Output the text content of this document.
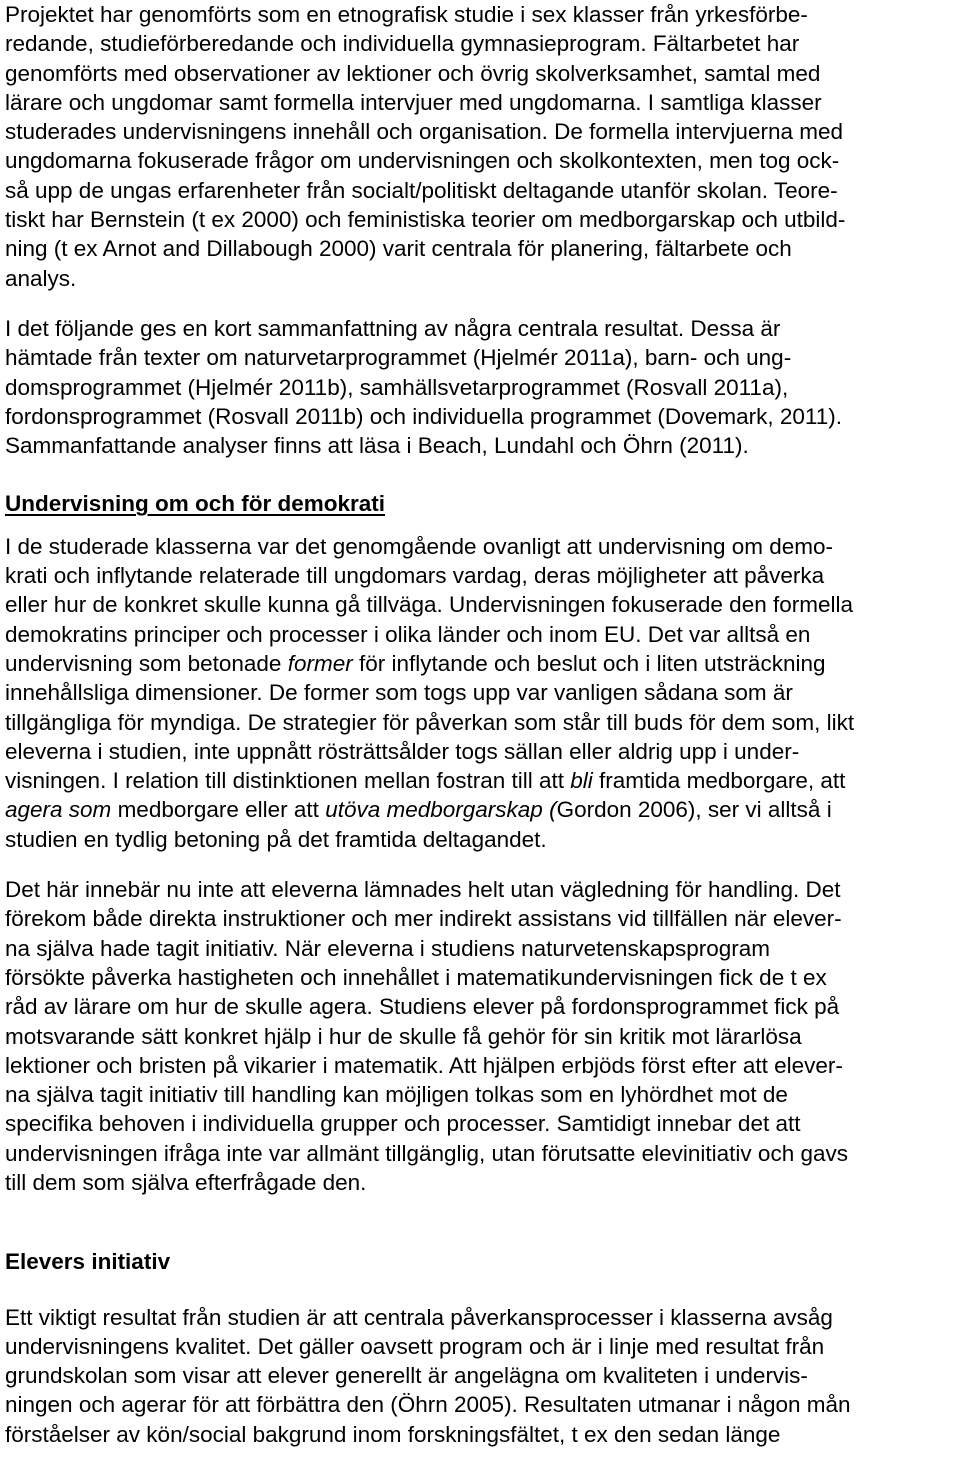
Projektet har genomförts som en etnografisk studie i sex klasser från yrkesförbe-
redande, studieförberedande och individuella gymnasieprogram. Fältarbetet har
genomförts med observationer av lektioner och övrig skolverksamhet, samtal med
lärare och ungdomar samt formella intervjuer med ungdomarna. I samtliga klasser
studerades undervisningens innehåll och organisation. De formella intervjuerna med
ungdomarna fokuserade frågor om undervisningen och skolkontexten, men tog ock-
så upp de ungas erfarenheter från socialt/politiskt deltagande utanför skolan. Teore-
tiskt har Bernstein (t ex 2000) och feministiska teorier om medborgarskap och utbild-
ning (t ex Arnot and Dillabough 2000) varit centrala för planering, fältarbete och
analys.
I det följande ges en kort sammanfattning av några centrala resultat. Dessa är
hämtade från texter om naturvetarprogrammet (Hjelmér 2011a), barn- och ung-
domsprogrammet (Hjelmér 2011b), samhällsvetarprogrammet (Rosvall 2011a),
fordonsprogrammet (Rosvall 2011b) och individuella programmet (Dovemark, 2011).
Sammanfattande analyser finns att läsa i Beach, Lundahl och Öhrn (2011).
Undervisning om och för demokrati
I de studerade klasserna var det genomgående ovanligt att undervisning om demo-
krati och inflytande relaterade till ungdomars vardag, deras möjligheter att påverka
eller hur de konkret skulle kunna gå tillväga. Undervisningen fokuserade den formella
demokratins principer och processer i olika länder och inom EU. Det var alltså en
undervisning som betonade former för inflytande och beslut och i liten utsträckning
innehållsliga dimensioner. De former som togs upp var vanligen sådana som är
tillgängliga för myndiga. De strategier för påverkan som står till buds för dem som, likt
eleverna i studien, inte uppnått rösträttsålder togs sällan eller aldrig upp i under-
visningen. I relation till distinktionen mellan fostran till att bli framtida medborgare, att
agera som medborgare eller att utöva medborgarskap (Gordon 2006), ser vi alltså i
studien en tydlig betoning på det framtida deltagandet.
Det här innebär nu inte att eleverna lämnades helt utan vägledning för handling. Det
förekom både direkta instruktioner och mer indirekt assistans vid tillfällen när elever-
na själva hade tagit initiativ. När eleverna i studiens naturvetenskapsprogram
försökte påverka hastigheten och innehållet i matematikundervisningen fick de t ex
råd av lärare om hur de skulle agera. Studiens elever på fordonsprogrammet fick på
motsvarande sätt konkret hjälp i hur de skulle få gehör för sin kritik mot lärarlösa
lektioner och bristen på vikarier i matematik. Att hjälpen erbjöds först efter att elever-
na själva tagit initiativ till handling kan möjligen tolkas som en lyhördhet mot de
specifika behoven i individuella grupper och processer. Samtidigt innebar det att
undervisningen ifråga inte var allmänt tillgänglig, utan förutsatte elevinitiativ och gavs
till dem som själva efterfrågade den.
Elevers initiativ
Ett viktigt resultat från studien är att centrala påverkansprocesser i klasserna avsåg
undervisningens kvalitet. Det gäller oavsett program och är i linje med resultat från
grundskolan som visar att elever generellt är angelägna om kvaliteten i undervis-
ningen och agerar för att förbättra den (Öhrn 2005). Resultaten utmanar i någon mån
förståelser av kön/social bakgrund inom forskningsfältet, t ex den sedan länge
